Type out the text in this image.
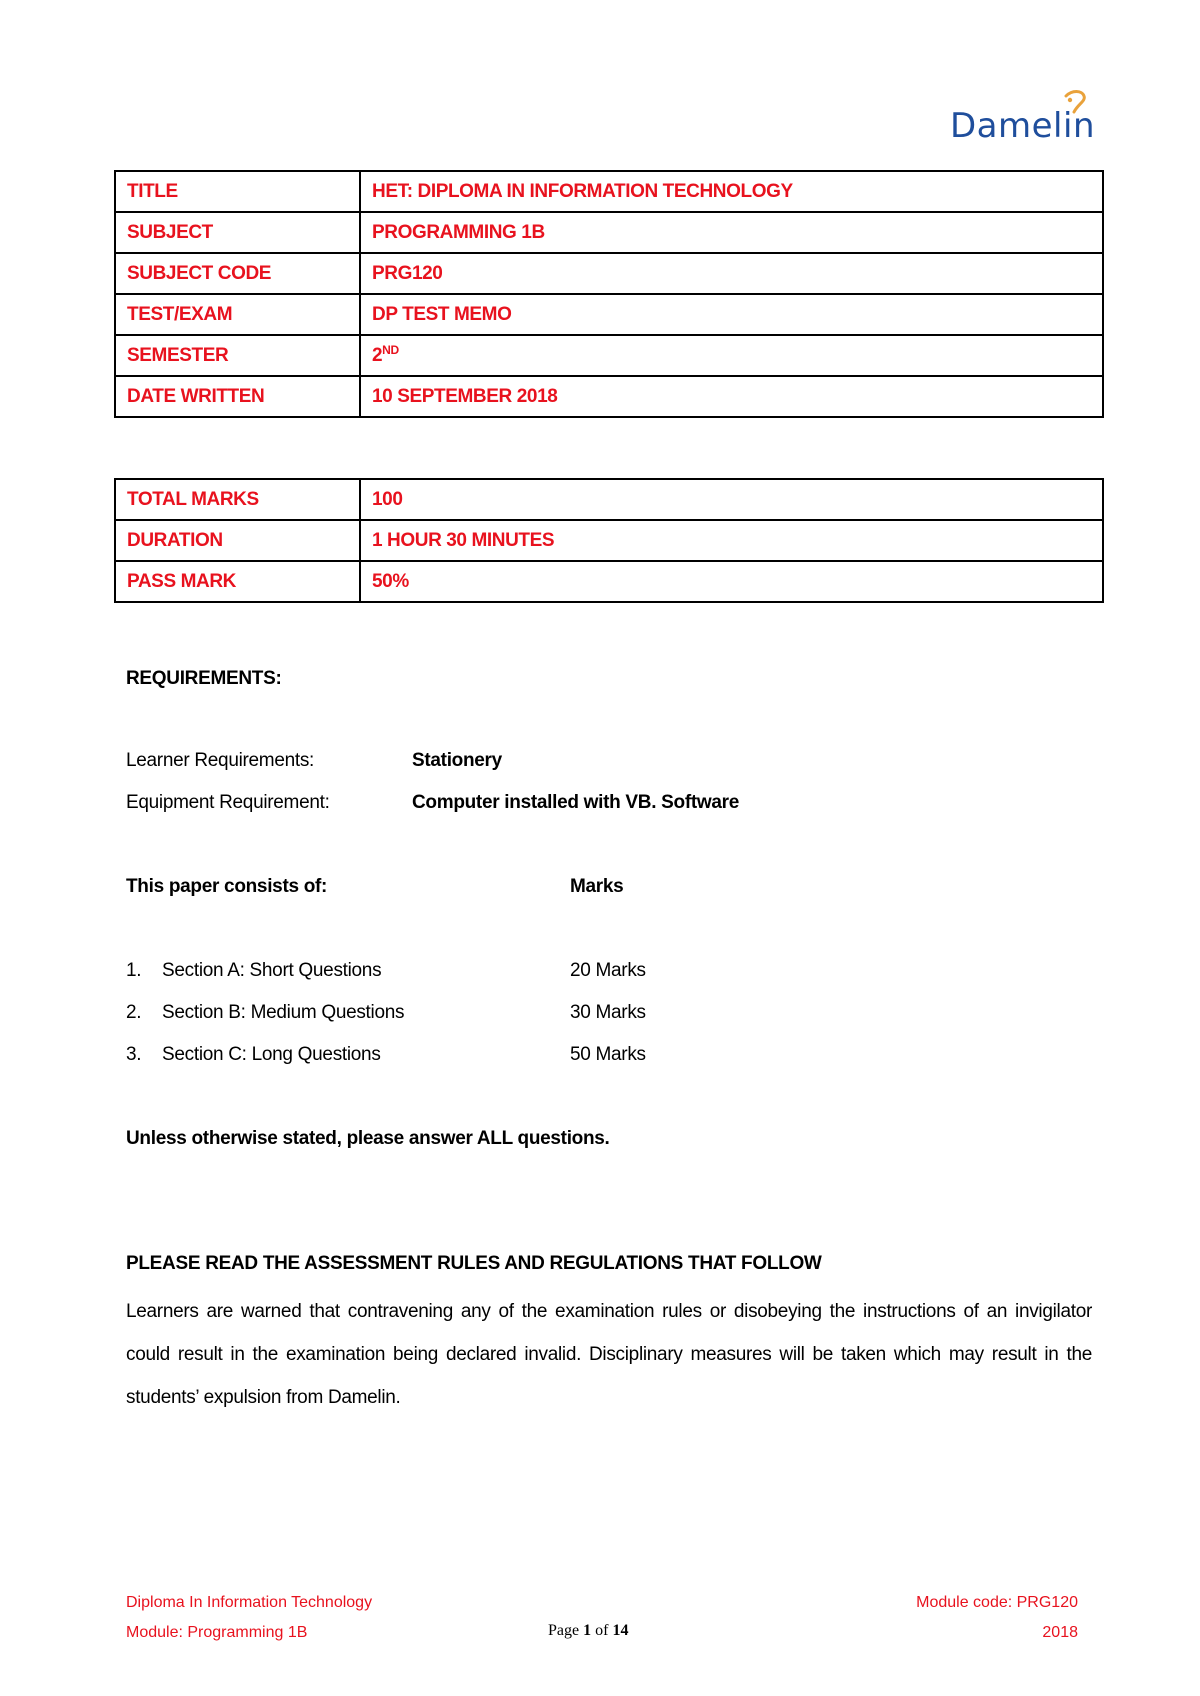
Damelin
TITLE	HET: DIPLOMA IN INFORMATION TECHNOLOGY
SUBJECT	PROGRAMMING 1B
SUBJECT CODE	PRG120
TEST/EXAM	DP TEST MEMO
SEMESTER	2ND
DATE WRITTEN	10 SEPTEMBER 2018
TOTAL MARKS	100
DURATION	1 HOUR 30 MINUTES
PASS MARK	50%
REQUIREMENTS:
Learner Requirements:	Stationery
Equipment Requirement:	Computer installed with VB. Software
This paper consists of:	Marks
1. Section A: Short Questions	20 Marks
2. Section B: Medium Questions	30 Marks
3. Section C: Long Questions	50 Marks
Unless otherwise stated, please answer ALL questions.
PLEASE READ THE ASSESSMENT RULES AND REGULATIONS THAT FOLLOW
Learners are warned that contravening any of the examination rules or disobeying the instructions of an invigilator could result in the examination being declared invalid. Disciplinary measures will be taken which may result in the students’ expulsion from Damelin.
Diploma In Information Technology
Module: Programming 1B	Page 1 of 14
Module code: PRG120
2018
